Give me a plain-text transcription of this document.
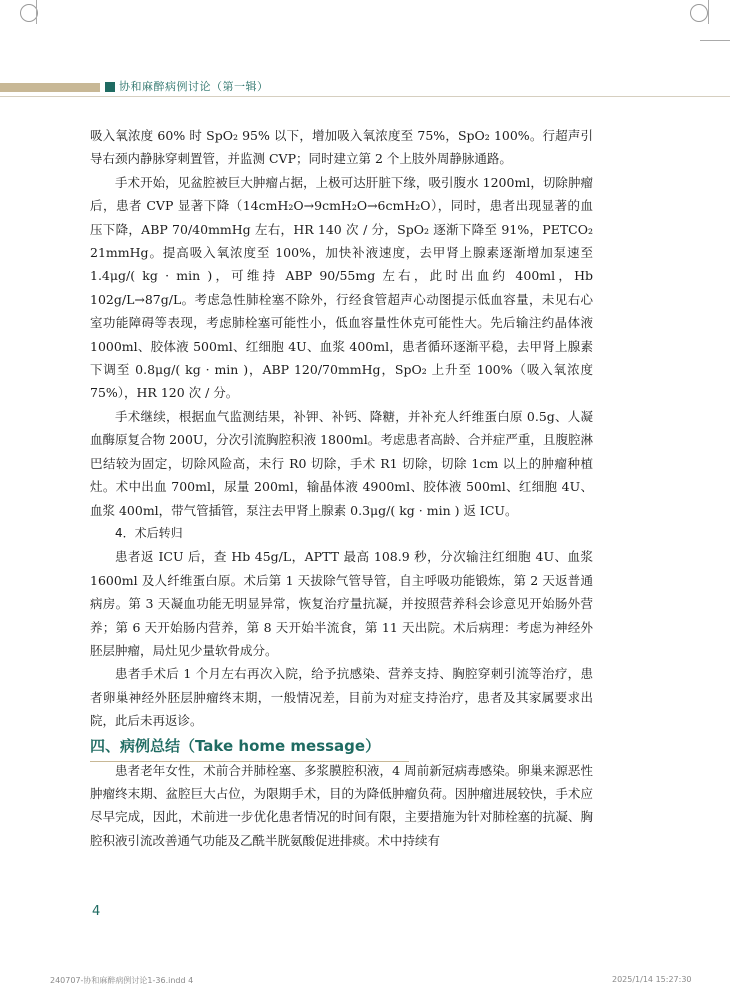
协和麻醉病例讨论（第一辑）

吸入氧浓度 60% 时 SpO₂ 95% 以下，增加吸入氧浓度至 75%，SpO₂ 100%。行超声引导右颈内静脉穿刺置管，并监测 CVP；同时建立第 2 个上肢外周静脉通路。

手术开始，见盆腔被巨大肿瘤占据，上极可达肝脏下缘，吸引腹水 1200ml，切除肿瘤后，患者 CVP 显著下降（14cmH₂O→9cmH₂O→6cmH₂O），同时，患者出现显著的血压下降，ABP 70/40mmHg 左右，HR 140 次 / 分，SpO₂ 逐渐下降至 91%，PETCO₂ 21mmHg。提高吸入氧浓度至 100%，加快补液速度，去甲肾上腺素逐渐增加泵速至 1.4μg/( kg · min )，可维持 ABP 90/55mg 左右，此时出血约 400ml，Hb 102g/L→87g/L。考虑急性肺栓塞不除外，行经食管超声心动图提示低血容量，未见右心室功能障碍等表现，考虑肺栓塞可能性小，低血容量性休克可能性大。先后输注约晶体液 1000ml、胶体液 500ml、红细胞 4U、血浆 400ml，患者循环逐渐平稳，去甲肾上腺素下调至 0.8μg/( kg · min )，ABP 120/70mmHg，SpO₂ 上升至 100%（吸入氧浓度 75%），HR 120 次 / 分。

手术继续，根据血气监测结果，补钾、补钙、降糖，并补充人纤维蛋白原 0.5g、人凝血酶原复合物 200U，分次引流胸腔积液 1800ml。考虑患者高龄、合并症严重，且腹腔淋巴结较为固定，切除风险高，未行 R0 切除，手术 R1 切除，切除 1cm 以上的肿瘤种植灶。术中出血 700ml，尿量 200ml，输晶体液 4900ml、胶体液 500ml、红细胞 4U、血浆 400ml，带气管插管，泵注去甲肾上腺素 0.3μg/( kg · min ) 返 ICU。

4．术后转归

患者返 ICU 后，查 Hb 45g/L，APTT 最高 108.9 秒，分次输注红细胞 4U、血浆 1600ml 及人纤维蛋白原。术后第 1 天拔除气管导管，自主呼吸功能锻炼，第 2 天返普通病房。第 3 天凝血功能无明显异常，恢复治疗量抗凝，并按照营养科会诊意见开始肠外营养；第 6 天开始肠内营养，第 8 天开始半流食，第 11 天出院。术后病理：考虑为神经外胚层肿瘤，局灶见少量软骨成分。

患者手术后 1 个月左右再次入院，给予抗感染、营养支持、胸腔穿刺引流等治疗，患者卵巢神经外胚层肿瘤终末期，一般情况差，目前为对症支持治疗，患者及其家属要求出院，此后未再返诊。

四、病例总结（Take home message）

患者老年女性，术前合并肺栓塞、多浆膜腔积液，4 周前新冠病毒感染。卵巢来源恶性肿瘤终末期、盆腔巨大占位，为限期手术，目的为降低肿瘤负荷。因肿瘤进展较快，手术应尽早完成，因此，术前进一步优化患者情况的时间有限，主要措施为针对肺栓塞的抗凝、胸腔积液引流改善通气功能及乙酰半胱氨酸促进排痰。术中持续有

4
240707-协和麻醉病例讨论1-36.indd 4	2025/1/14 15:27:30
